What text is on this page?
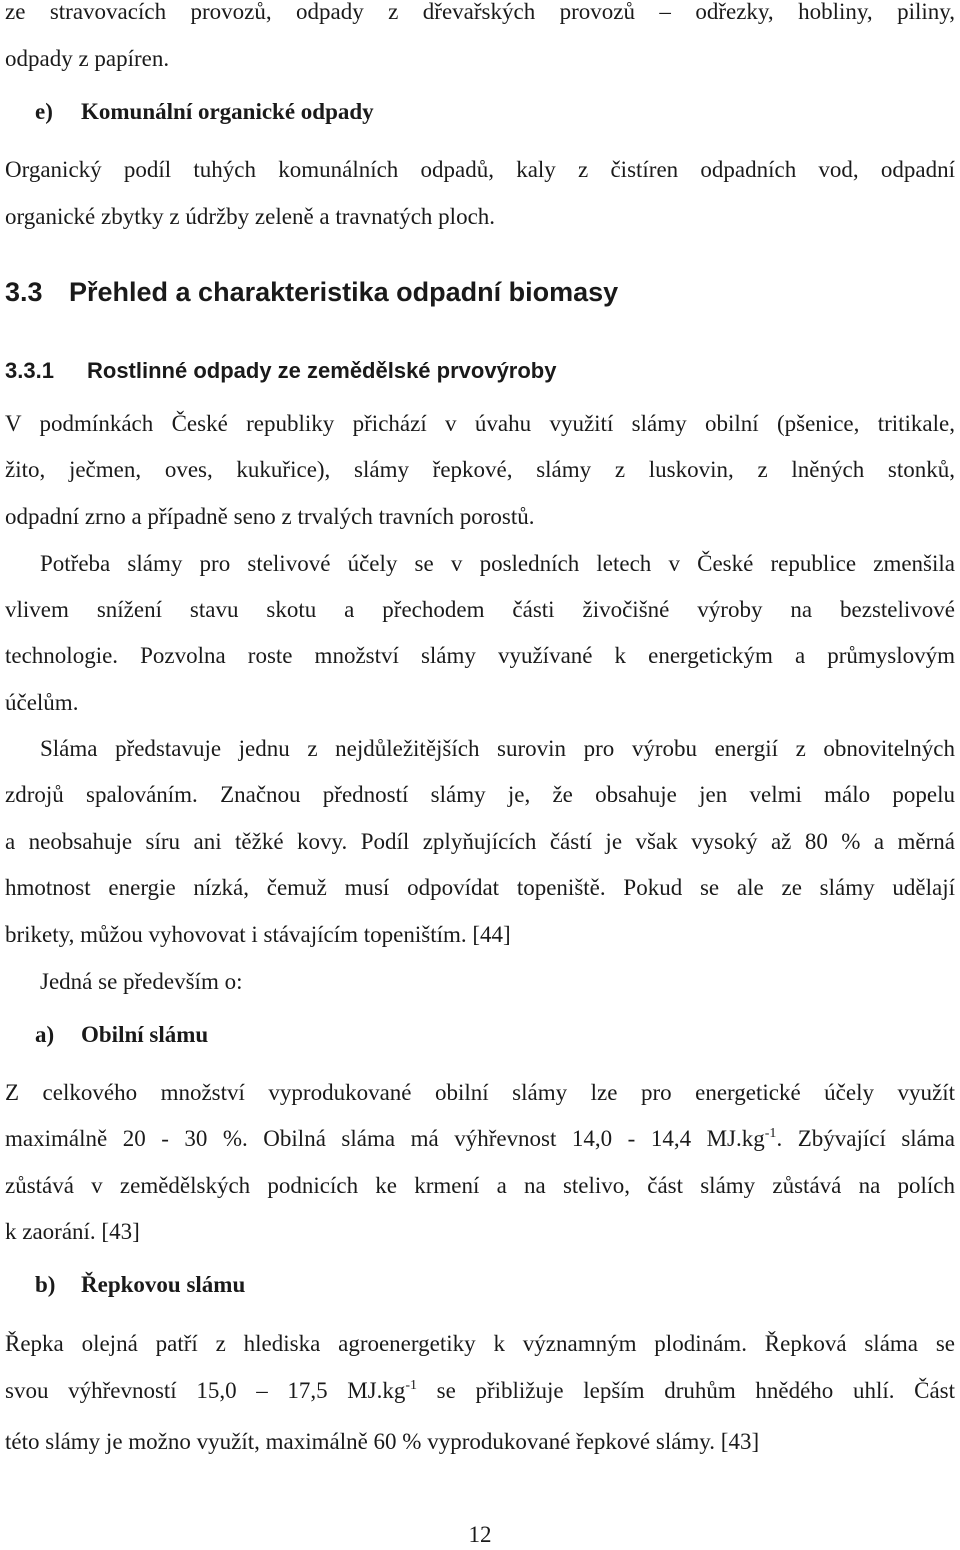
ze stravovacích provozů, odpady z dřevařských provozů – odřezky, hobliny, piliny,
odpady z papíren.
e) Komunální organické odpady
Organický podíl tuhých komunálních odpadů, kaly z čistíren odpadních vod, odpadní
organické zbytky z údržby zeleně a travnatých ploch.
3.3 Přehled a charakteristika odpadní biomasy
3.3.1 Rostlinné odpady ze zemědělské prvovýroby
V podmínkách České republiky přichází v úvahu využití slámy obilní (pšenice, tritikale,
žito, ječmen, oves, kukuřice), slámy řepkové, slámy z luskovin, z lněných stonků,
odpadní zrno a případně seno z trvalých travních porostů.
Potřeba slámy pro stelivové účely se v posledních letech v České republice zmenšila
vlivem snížení stavu skotu a přechodem části živočišné výroby na bezstelivové
technologie. Pozvolna roste množství slámy využívané k energetickým a průmyslovým
účelům.
Sláma představuje jednu z nejdůležitějších surovin pro výrobu energií z obnovitelných
zdrojů spalováním. Značnou předností slámy je, že obsahuje jen velmi málo popelu
a neobsahuje síru ani těžké kovy. Podíl zplyňujících částí je však vysoký až 80 % a měrná
hmotnost energie nízká, čemuž musí odpovídat topeniště. Pokud se ale ze slámy udělají
brikety, můžou vyhovovat i stávajícím topeništím. [44]
Jedná se především o:
a) Obilní slámu
Z celkového množství vyprodukované obilní slámy lze pro energetické účely využít
maximálně 20 - 30 %. Obilná sláma má výhřevnost 14,0 - 14,4 $MJ.kg^{-1}$. Zbývající sláma
zůstává v zemědělských podnicích ke krmení a na stelivo, část slámy zůstává na polích
k zaorání. [43]
b) Řepkovou slámu
Řepka olejná patří z hlediska agroenergetiky k významným plodinám. Řepková sláma se
svou výhřevností 15,0 – 17,5 $MJ.kg^{-1}$ se přibližuje lepším druhům hnědého uhlí. Část
této slámy je možno využít, maximálně 60 % vyprodukované řepkové slámy. [43]
12
